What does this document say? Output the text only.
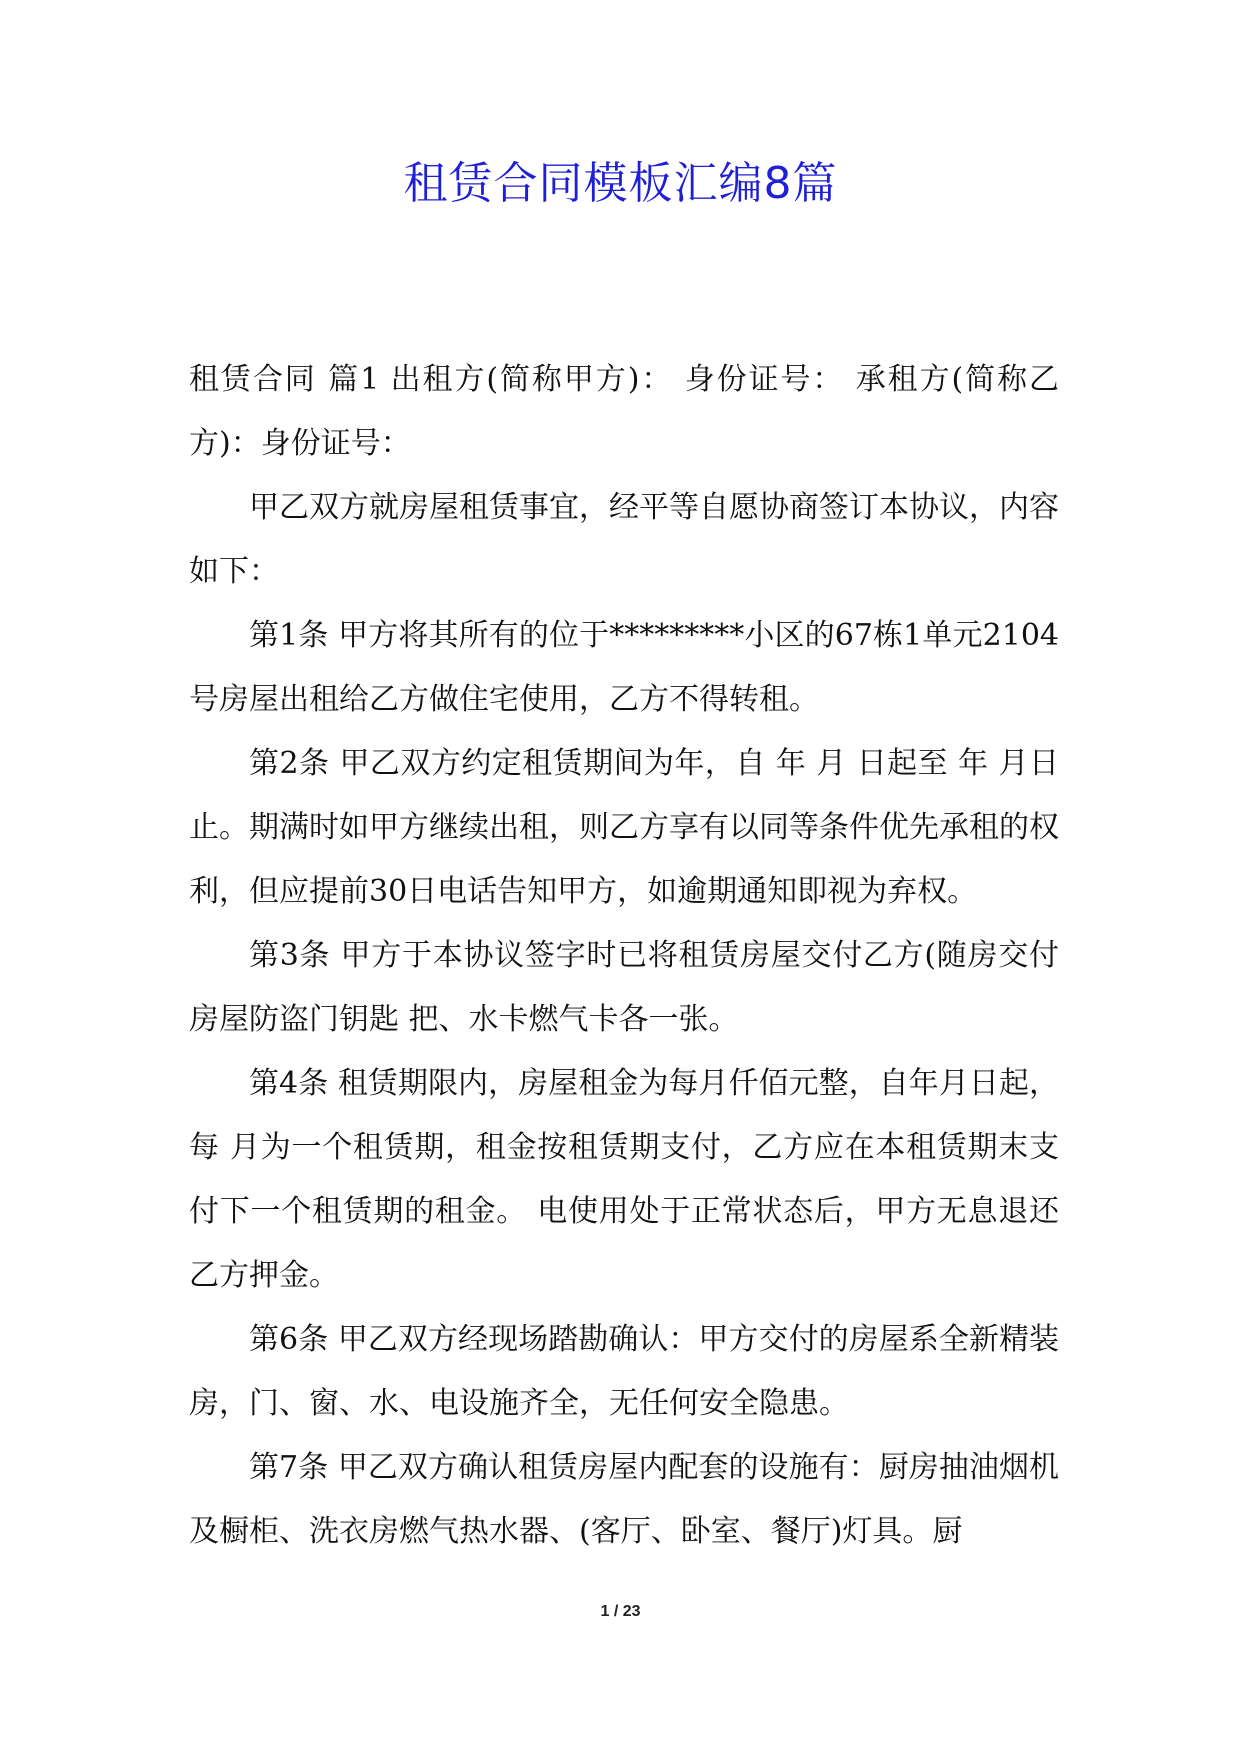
租赁合同模板汇编8篇

租赁合同 篇1 出租方(简称甲方)： 身份证号： 承租方(简称乙方)：身份证号：

甲乙双方就房屋租赁事宜，经平等自愿协商签订本协议，内容如下：

第1条 甲方将其所有的位于*********小区的67栋1单元2104号房屋出租给乙方做住宅使用，乙方不得转租。

第2条 甲乙双方约定租赁期间为年，自 年 月 日起至 年 月日止。期满时如甲方继续出租，则乙方享有以同等条件优先承租的权利，但应提前30日电话告知甲方，如逾期通知即视为弃权。

第3条 甲方于本协议签字时已将租赁房屋交付乙方(随房交付房屋防盗门钥匙 把、水卡燃气卡各一张。

第4条 租赁期限内，房屋租金为每月仟佰元整，自年月日起，每 月为一个租赁期，租金按租赁期支付，乙方应在本租赁期末支付下一个租赁期的租金。 电使用处于正常状态后，甲方无息退还乙方押金。

第6条 甲乙双方经现场踏勘确认：甲方交付的房屋系全新精装房，门、窗、水、电设施齐全，无任何安全隐患。

第7条 甲乙双方确认租赁房屋内配套的设施有：厨房抽油烟机及橱柜、洗衣房燃气热水器、(客厅、卧室、餐厅)灯具。厨

1 / 23
